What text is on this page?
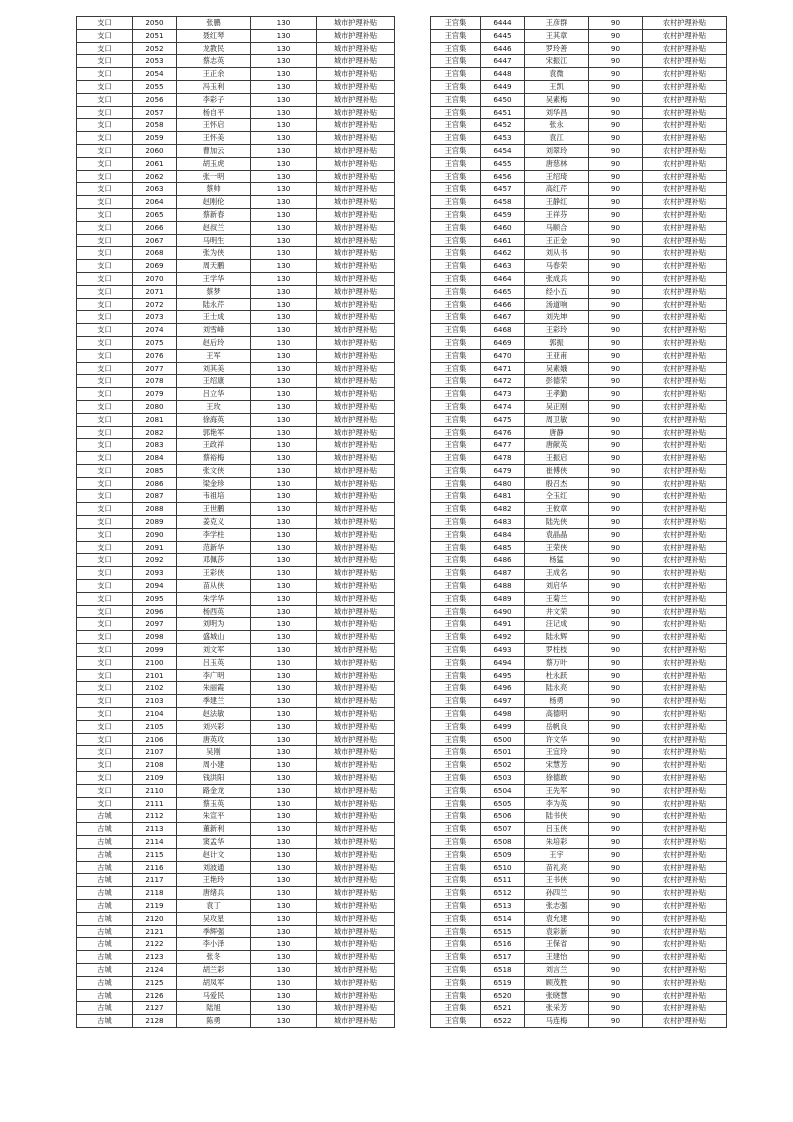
支口	2050	张鹏	130	城市护理补贴
支口	2051	聂红琴	130	城市护理补贴
支口	2052	龙教民	130	城市护理补贴
支口	2053	蔡志英	130	城市护理补贴
支口	2054	王正余	130	城市护理补贴
支口	2055	冯玉利	130	城市护理补贴
支口	2056	李彩子	130	城市护理补贴
支口	2057	杨自平	130	城市护理补贴
支口	2058	王怀启	130	城市护理补贴
支口	2059	王怀美	130	城市护理补贴
支口	2060	曹加云	130	城市护理补贴
支口	2061	胡玉虎	130	城市护理补贴
支口	2062	张一明	130	城市护理补贴
支口	2063	蔡帅	130	城市护理补贴
支口	2064	赵刚伦	130	城市护理补贴
支口	2065	蔡新春	130	城市护理补贴
支口	2066	赵叔兰	130	城市护理补贴
支口	2067	马明生	130	城市护理补贴
支口	2068	张为侠	130	城市护理补贴
支口	2069	周天鹏	130	城市护理补贴
支口	2070	王学华	130	城市护理补贴
支口	2071	蔡梦	130	城市护理补贴
支口	2072	陆永芹	130	城市护理补贴
支口	2073	王士成	130	城市护理补贴
支口	2074	刘雪峰	130	城市护理补贴
支口	2075	赵后玲	130	城市护理补贴
支口	2076	王军	130	城市护理补贴
支口	2077	刘其美	130	城市护理补贴
支口	2078	王绍康	130	城市护理补贴
支口	2079	吕立华	130	城市护理补贴
支口	2080	王玫	130	城市护理补贴
支口	2081	徐海英	130	城市护理补贴
支口	2082	郭艳军	130	城市护理补贴
支口	2083	王政祥	130	城市护理补贴
支口	2084	蔡裕梅	130	城市护理补贴
支口	2085	张文侠	130	城市护理补贴
支口	2086	梁金珍	130	城市护理补贴
支口	2087	韦祖培	130	城市护理补贴
支口	2088	王世鹏	130	城市护理补贴
支口	2089	姜克义	130	城市护理补贴
支口	2090	李学柱	130	城市护理补贴
支口	2091	范新华	130	城市护理补贴
支口	2092	邓佩莎	130	城市护理补贴
支口	2093	王彩侠	130	城市护理补贴
支口	2094	苗从侠	130	城市护理补贴
支口	2095	朱学华	130	城市护理补贴
支口	2096	杨西英	130	城市护理补贴
支口	2097	刘明为	130	城市护理补贴
支口	2098	盛城山	130	城市护理补贴
支口	2099	刘文军	130	城市护理补贴
支口	2100	吕玉英	130	城市护理补贴
支口	2101	李广明	130	城市护理补贴
支口	2102	朱丽霞	130	城市护理补贴
支口	2103	季建兰	130	城市护理补贴
支口	2104	赵法敏	130	城市护理补贴
支口	2105	刘兴彩	130	城市护理补贴
支口	2106	唐英攻	130	城市护理补贴
支口	2107	吴刚	130	城市护理补贴
支口	2108	周小建	130	城市护理补贴
支口	2109	钱洪阳	130	城市护理补贴
支口	2110	路金龙	130	城市护理补贴
支口	2111	蔡玉英	130	城市护理补贴
古城	2112	朱宣平	130	城市护理补贴
古城	2113	董新利	130	城市护理补贴
古城	2114	窦孟华	130	城市护理补贴
古城	2115	赵计文	130	城市护理补贴
古城	2116	刘波通	130	城市护理补贴
古城	2117	王艳玲	130	城市护理补贴
古城	2118	唐绪兵	130	城市护理补贴
古城	2119	袁丁	130	城市护理补贴
古城	2120	吴攻星	130	城市护理补贴
古城	2121	季辉强	130	城市护理补贴
古城	2122	李小泽	130	城市护理补贴
古城	2123	张冬	130	城市护理补贴
古城	2124	胡兰彩	130	城市护理补贴
古城	2125	胡凤军	130	城市护理补贴
古城	2126	马爱民	130	城市护理补贴
古城	2127	陆旭	130	城市护理补贴
古城	2128	陈勇	130	城市护理补贴
王官集	6444	王彦群	90	农村护理补贴
王官集	6445	王其章	90	农村护理补贴
王官集	6446	罗玲善	90	农村护理补贴
王官集	6447	宋振江	90	农村护理补贴
王官集	6448	袁微	90	农村护理补贴
王官集	6449	王凯	90	农村护理补贴
王官集	6450	吴素梅	90	农村护理补贴
王官集	6451	刘华昌	90	农村护理补贴
王官集	6452	张永	90	农村护理补贴
王官集	6453	袁江	90	农村护理补贴
王官集	6454	刘翠玲	90	农村护理补贴
王官集	6455	唐慈林	90	农村护理补贴
王官集	6456	王绍琦	90	农村护理补贴
王官集	6457	高红芹	90	农村护理补贴
王官集	6458	王静红	90	农村护理补贴
王官集	6459	王祥芬	90	农村护理补贴
王官集	6460	马顺合	90	农村护理补贴
王官集	6461	王正金	90	农村护理补贴
王官集	6462	刘从书	90	农村护理补贴
王官集	6463	马春荣	90	农村护理补贴
王官集	6464	张成兵	90	农村护理补贴
王官集	6465	经小五	90	农村护理补贴
王官集	6466	汤道响	90	农村护理补贴
王官集	6467	刘先坤	90	农村护理补贴
王官集	6468	王彩玲	90	农村护理补贴
王官集	6469	郭振	90	农村护理补贴
王官集	6470	王亚甫	90	农村护理补贴
王官集	6471	吴素娥	90	农村护理补贴
王官集	6472	彭德荣	90	农村护理补贴
王官集	6473	王孝勤	90	农村护理补贴
王官集	6474	吴正刚	90	农村护理补贴
王官集	6475	周卫敏	90	农村护理补贴
王官集	6476	唐静	90	农村护理补贴
王官集	6477	唐献英	90	农村护理补贴
王官集	6478	王振启	90	农村护理补贴
王官集	6479	崔傅侠	90	农村护理补贴
王官集	6480	殷召杰	90	农村护理补贴
王官集	6481	仝玉红	90	农村护理补贴
王官集	6482	王攸章	90	农村护理补贴
王官集	6483	陆先侠	90	农村护理补贴
王官集	6484	袁晶晶	90	农村护理补贴
王官集	6485	王荣侠	90	农村护理补贴
王官集	6486	杨猛	90	农村护理补贴
王官集	6487	王成名	90	农村护理补贴
王官集	6488	刘启华	90	农村护理补贴
王官集	6489	王菊兰	90	农村护理补贴
王官集	6490	井文荣	90	农村护理补贴
王官集	6491	汪记成	90	农村护理补贴
王官集	6492	陆永辉	90	农村护理补贴
王官集	6493	罗柱枝	90	农村护理补贴
王官集	6494	蔡万叶	90	农村护理补贴
王官集	6495	杜永跃	90	农村护理补贴
王官集	6496	陆永亮	90	农村护理补贴
王官集	6497	杨勇	90	农村护理补贴
王官集	6498	高德明	90	农村护理补贴
王官集	6499	岳帆良	90	农村护理补贴
王官集	6500	许文华	90	农村护理补贴
王官集	6501	王宜玲	90	农村护理补贴
王官集	6502	宋慧芳	90	农村护理补贴
王官集	6503	徐德敢	90	农村护理补贴
王官集	6504	王先军	90	农村护理补贴
王官集	6505	李为英	90	农村护理补贴
王官集	6506	陆书侠	90	农村护理补贴
王官集	6507	吕玉侠	90	农村护理补贴
王官集	6508	朱培彩	90	农村护理补贴
王官集	6509	王宇	90	农村护理补贴
王官集	6510	苗礼亮	90	农村护理补贴
王官集	6511	王书侠	90	农村护理补贴
王官集	6512	孙四兰	90	农村护理补贴
王官集	6513	张志强	90	农村护理补贴
王官集	6514	袁允建	90	农村护理补贴
王官集	6515	袁彩新	90	农村护理补贴
王官集	6516	王保省	90	农村护理补贴
王官集	6517	王建怡	90	农村护理补贴
王官集	6518	刘言兰	90	农村护理补贴
王官集	6519	顾茂胜	90	农村护理补贴
王官集	6520	张晓慧	90	农村护理补贴
王官集	6521	张采芳	90	农村护理补贴
王官集	6522	马连梅	90	农村护理补贴
